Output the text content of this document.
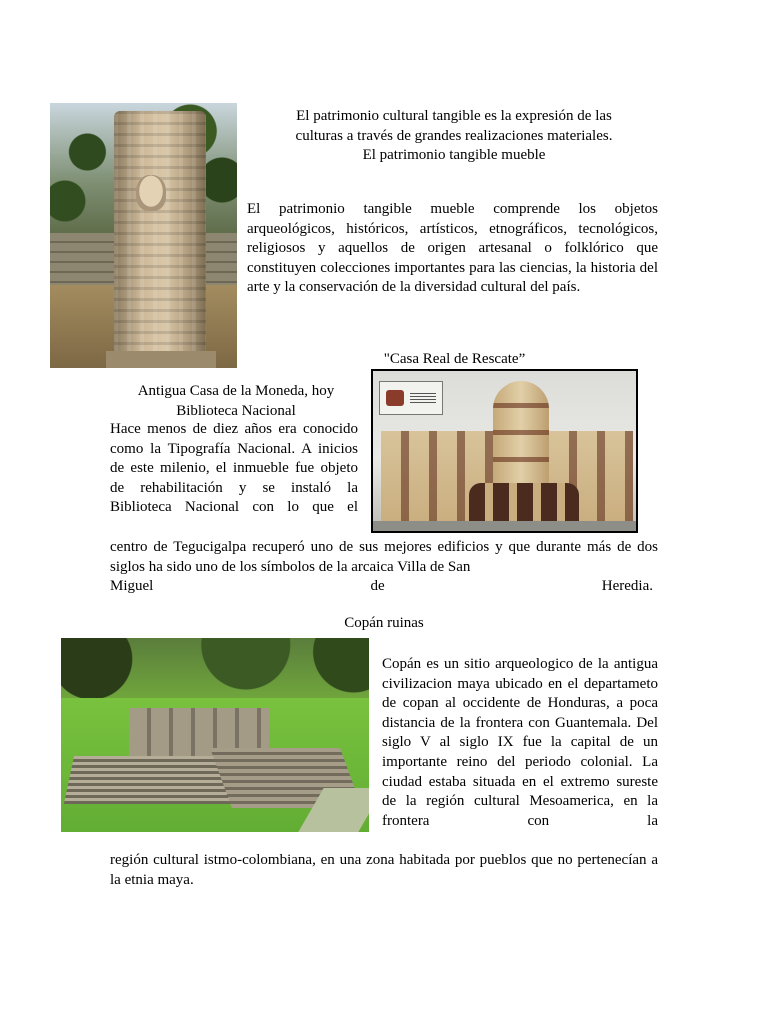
El patrimonio cultural tangible es la expresión de las
culturas a través de grandes realizaciones materiales.
El patrimonio tangible mueble
El patrimonio tangible mueble comprende los objetos arqueológicos, históricos, artísticos, etnográficos, tecnológicos, religiosos y aquellos de origen artesanal o folklórico que constituyen colecciones importantes para las ciencias, la historia del arte y la conservación de la diversidad cultural del país.
"Casa Real de Rescate”
Antigua Casa de la Moneda, hoy
Biblioteca Nacional
Hace menos de diez años era conocido como la Tipografía Nacional. A inicios de este milenio, el inmueble fue objeto de rehabilitación y se instaló la Biblioteca Nacional con lo que el
centro de Tegucigalpa recuperó uno de sus mejores edificios y que durante más de dos siglos ha sido uno de los símbolos de la arcaica Villa de San
Miguel de Heredia.
Copán ruinas
Copán es un sitio arqueologico de la antigua civilizacion maya ubicado en el departameto de copan al occidente de Honduras, a poca distancia de la frontera con Guantemala. Del siglo V al siglo IX fue la capital de un importante reino del periodo colonial. La ciudad estaba situada en el extremo sureste de la región cultural Mesoamerica, en la frontera con la
región cultural istmo-colombiana, en una zona habitada por pueblos que no pertenecían a la etnia maya.
